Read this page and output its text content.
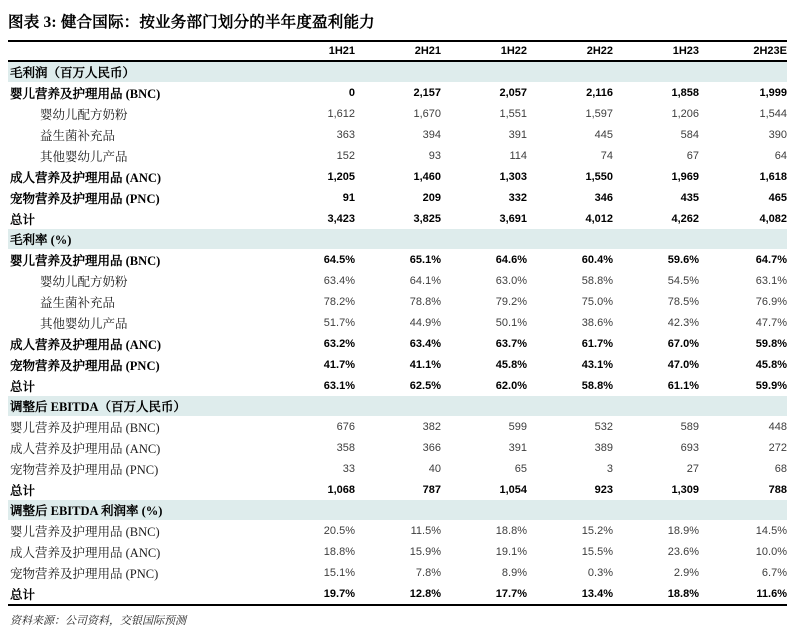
图表 3: 健合国际：按业务部门划分的半年度盈利能力
1H21	2H21	1H22	2H22	1H23	2H23E
毛利润（百万人民币）
婴儿营养及护理用品 (BNC)	0	2,157	2,057	2,116	1,858	1,999
婴幼儿配方奶粉	1,612	1,670	1,551	1,597	1,206	1,544
益生菌补充品	363	394	391	445	584	390
其他婴幼儿产品	152	93	114	74	67	64
成人营养及护理用品 (ANC)	1,205	1,460	1,303	1,550	1,969	1,618
宠物营养及护理用品 (PNC)	91	209	332	346	435	465
总计	3,423	3,825	3,691	4,012	4,262	4,082
毛利率 (%)
婴儿营养及护理用品 (BNC)	64.5%	65.1%	64.6%	60.4%	59.6%	64.7%
婴幼儿配方奶粉	63.4%	64.1%	63.0%	58.8%	54.5%	63.1%
益生菌补充品	78.2%	78.8%	79.2%	75.0%	78.5%	76.9%
其他婴幼儿产品	51.7%	44.9%	50.1%	38.6%	42.3%	47.7%
成人营养及护理用品 (ANC)	63.2%	63.4%	63.7%	61.7%	67.0%	59.8%
宠物营养及护理用品 (PNC)	41.7%	41.1%	45.8%	43.1%	47.0%	45.8%
总计	63.1%	62.5%	62.0%	58.8%	61.1%	59.9%
调整后 EBITDA（百万人民币）
婴儿营养及护理用品 (BNC)	676	382	599	532	589	448
成人营养及护理用品 (ANC)	358	366	391	389	693	272
宠物营养及护理用品 (PNC)	33	40	65	3	27	68
总计	1,068	787	1,054	923	1,309	788
调整后 EBITDA 利润率 (%)
婴儿营养及护理用品 (BNC)	20.5%	11.5%	18.8%	15.2%	18.9%	14.5%
成人营养及护理用品 (ANC)	18.8%	15.9%	19.1%	15.5%	23.6%	10.0%
宠物营养及护理用品 (PNC)	15.1%	7.8%	8.9%	0.3%	2.9%	6.7%
总计	19.7%	12.8%	17.7%	13.4%	18.8%	11.6%
资料来源：公司资料，交银国际预测
